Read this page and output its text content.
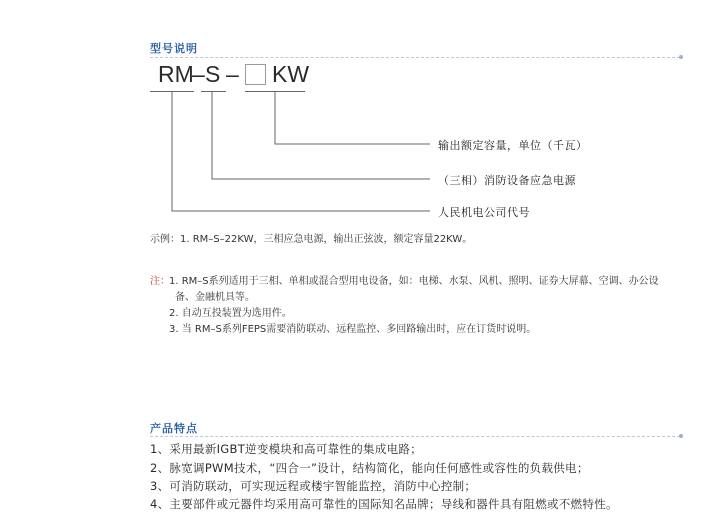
型号说明
RM
– S – KW
输出额定容量，单位（千瓦）
（三相）消防设备应急电源
人民机电公司代号
示例：1. RM–S–22KW，三相应急电源，输出正弦波，额定容量22KW。
注： 1. RM–S系列适用于三相、单相或混合型用电设备，如：电梯、水泵、风机、照明、证券大屏幕、空调、办公设
备、金融机具等。
2. 自动互投装置为选用件。
3. 当 RM–S系列FEPS需要消防联动、远程监控、多回路输出时，应在订货时说明。
产品特点
1、采用最新IGBT逆变模块和高可靠性的集成电路；
2、脉宽调PWM技术，“四合一”设计，结构简化，能向任何感性或容性的负载供电；
3、可消防联动，可实现远程或楼宇智能监控，消防中心控制；
4、主要部件或元器件均采用高可靠性的国际知名品牌；导线和器件具有阻燃或不燃特性。
